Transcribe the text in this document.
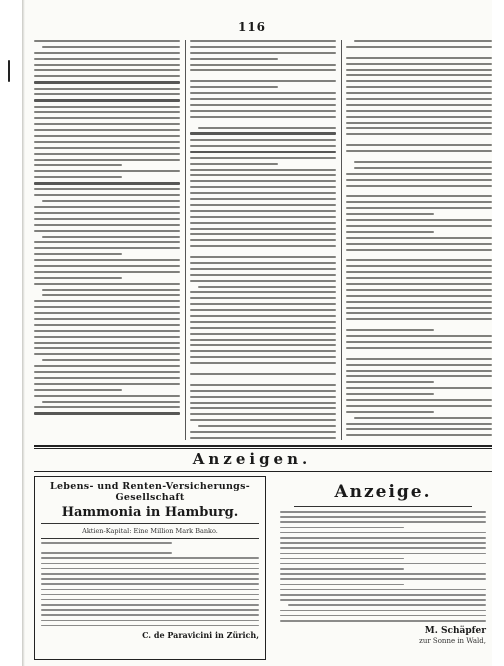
116
Anzeigen.
Lebens- und Renten-Versicherungs-Gesellschaft
Hammonia in Hamburg.
Aktien-Kapital: Eine Million Mark Banko.
C. de Paravicini in Zürich,
Anzeige.
M. Schäpfer
zur Sonne in Wald,
